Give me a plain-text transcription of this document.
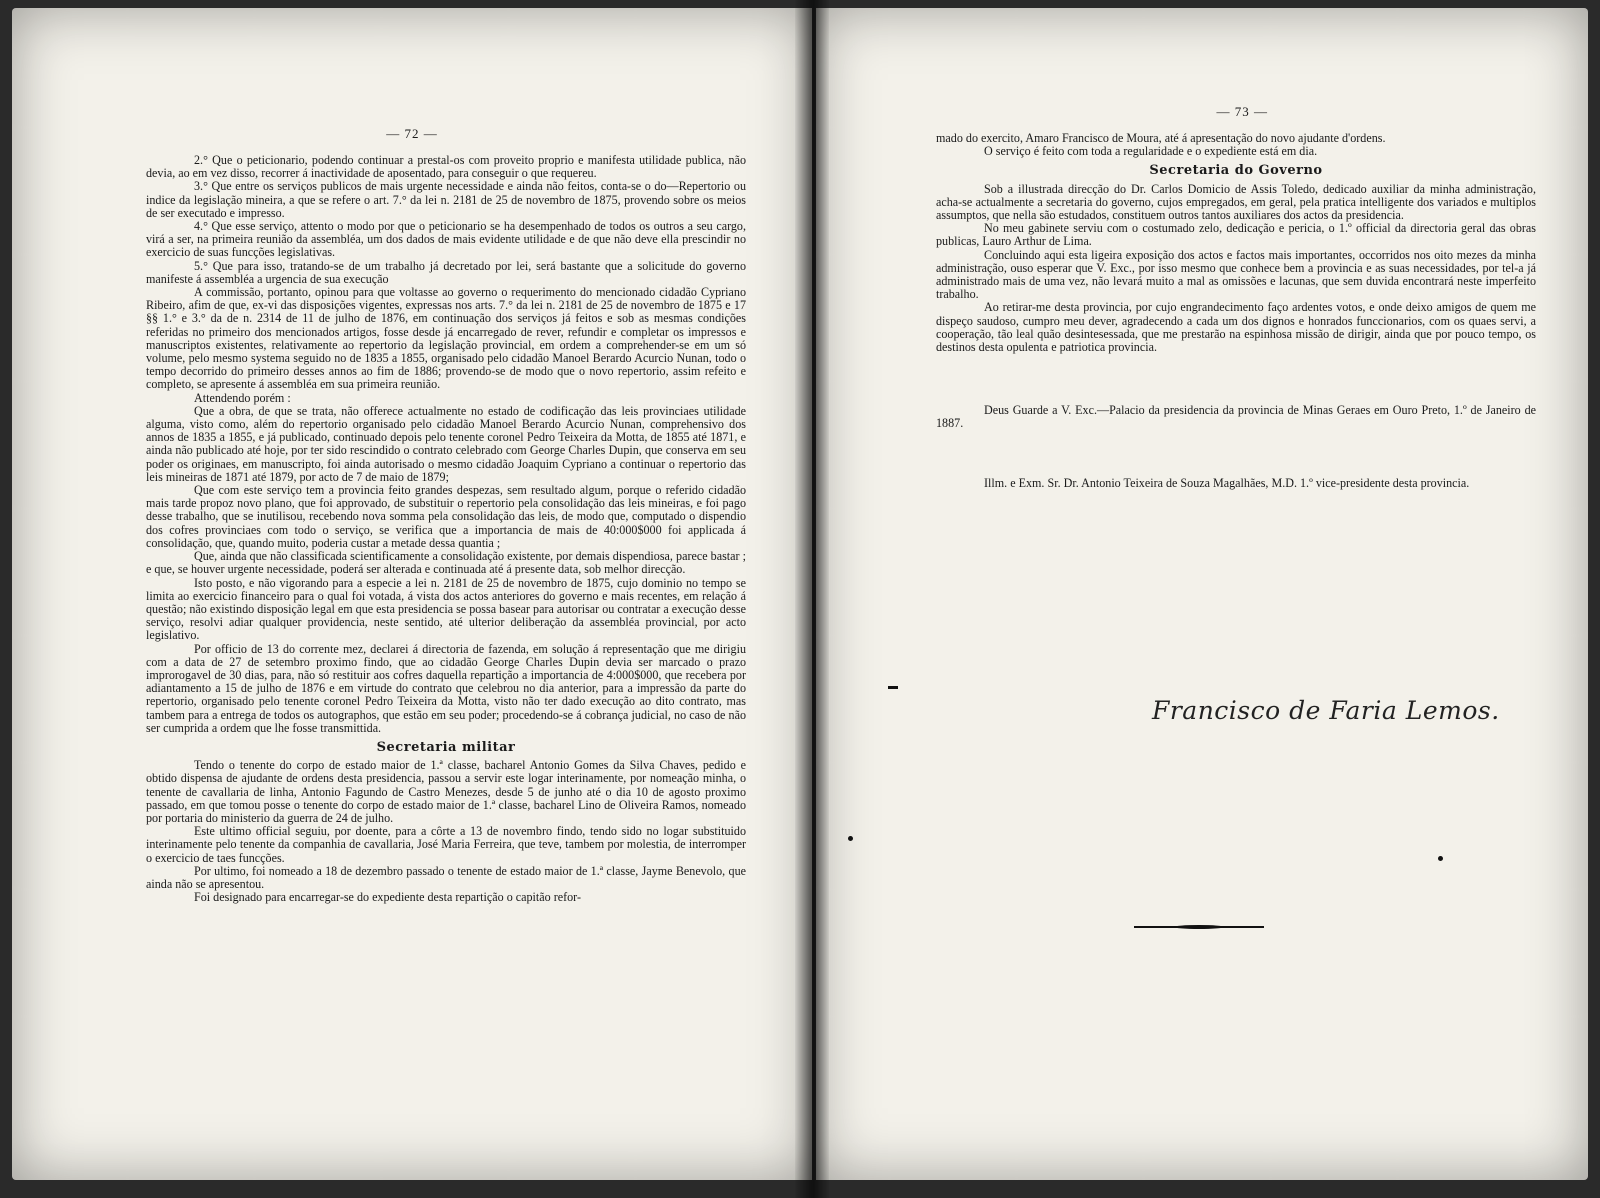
— 72 —

2.° Que o peticionario, podendo continuar a prestal-os com proveito proprio e manifesta utilidade publica, não devia, ao em vez disso, recorrer á inactividade de aposentado, para conseguir o que requereu.

3.° Que entre os serviços publicos de mais urgente necessidade e ainda não feitos, conta-se o do—Repertorio ou indice da legislação mineira, a que se refere o art. 7.° da lei n. 2181 de 25 de novembro de 1875, provendo sobre os meios de ser executado e impresso.

4.° Que esse serviço, attento o modo por que o peticionario se ha desempenhado de todos os outros a seu cargo, virá a ser, na primeira reunião da assembléa, um dos dados de mais evidente utilidade e de que não deve ella prescindir no exercicio de suas funcções legislativas.

5.° Que para isso, tratando-se de um trabalho já decretado por lei, será bastante que a solicitude do governo manifeste á assembléa a urgencia de sua execução

A commissão, portanto, opinou para que voltasse ao governo o requerimento do mencionado cidadão Cypriano Ribeiro, afim de que, ex-vi das disposições vigentes, expressas nos arts. 7.° da lei n. 2181 de 25 de novembro de 1875 e 17 §§ 1.° e 3.° da de n. 2314 de 11 de julho de 1876, em continuação dos serviços já feitos e sob as mesmas condições referidas no primeiro dos mencionados artigos, fosse desde já encarregado de rever, refundir e completar os impressos e manuscriptos existentes, relativamente ao repertorio da legislação provincial, em ordem a comprehender-se em um só volume, pelo mesmo systema seguido no de 1835 a 1855, organisado pelo cidadão Manoel Berardo Acurcio Nunan, todo o tempo decorrido do primeiro desses annos ao fim de 1886; provendo-se de modo que o novo repertorio, assim refeito e completo, se apresente á assembléa em sua primeira reunião.

Attendendo porém :

Que a obra, de que se trata, não offerece actualmente no estado de codificação das leis provinciaes utilidade alguma, visto como, além do repertorio organisado pelo cidadão Manoel Berardo Acurcio Nunan, comprehensivo dos annos de 1835 a 1855, e já publicado, continuado depois pelo tenente coronel Pedro Teixeira da Motta, de 1855 até 1871, e ainda não publicado até hoje, por ter sido rescindido o contrato celebrado com George Charles Dupin, que conserva em seu poder os originaes, em manuscripto, foi ainda autorisado o mesmo cidadão Joaquim Cypriano a continuar o repertorio das leis mineiras de 1871 até 1879, por acto de 7 de maio de 1879;

Que com este serviço tem a provincia feito grandes despezas, sem resultado algum, porque o referido cidadão mais tarde propoz novo plano, que foi approvado, de substituir o repertorio pela consolidação das leis mineiras, e foi pago desse trabalho, que se inutilisou, recebendo nova somma pela consolidação das leis, de modo que, computado o dispendio dos cofres provinciaes com todo o serviço, se verifica que a importancia de mais de 40:000$000 foi applicada á consolidação, que, quando muito, poderia custar a metade dessa quantia ;

Que, ainda que não classificada scientificamente a consolidação existente, por demais dispendiosa, parece bastar ; e que, se houver urgente necessidade, poderá ser alterada e continuada até á presente data, sob melhor direcção.

Isto posto, e não vigorando para a especie a lei n. 2181 de 25 de novembro de 1875, cujo dominio no tempo se limita ao exercicio financeiro para o qual foi votada, á vista dos actos anteriores do governo e mais recentes, em relação á questão; não existindo disposição legal em que esta presidencia se possa basear para autorisar ou contratar a execução desse serviço, resolvi adiar qualquer providencia, neste sentido, até ulterior deliberação da assembléa provincial, por acto legislativo.

Por officio de 13 do corrente mez, declarei á directoria de fazenda, em solução á representação que me dirigiu com a data de 27 de setembro proximo findo, que ao cidadão George Charles Dupin devia ser marcado o prazo improrogavel de 30 dias, para, não só restituir aos cofres daquella repartição a importancia de 4:000$000, que recebera por adiantamento a 15 de julho de 1876 e em virtude do contrato que celebrou no dia anterior, para a impressão da parte do repertorio, organisado pelo tenente coronel Pedro Teixeira da Motta, visto não ter dado execução ao dito contrato, mas tambem para a entrega de todos os autographos, que estão em seu poder; procedendo-se á cobrança judicial, no caso de não ser cumprida a ordem que lhe fosse transmittida.

Secretaria militar

Tendo o tenente do corpo de estado maior de 1.ª classe, bacharel Antonio Gomes da Silva Chaves, pedido e obtido dispensa de ajudante de ordens desta presidencia, passou a servir este logar interinamente, por nomeação minha, o tenente de cavallaria de linha, Antonio Fagundo de Castro Menezes, desde 5 de junho até o dia 10 de agosto proximo passado, em que tomou posse o tenente do corpo de estado maior de 1.ª classe, bacharel Lino de Oliveira Ramos, nomeado por portaria do ministerio da guerra de 24 de julho.

Este ultimo official seguiu, por doente, para a côrte a 13 de novembro findo, tendo sido no logar substituido interinamente pelo tenente da companhia de cavallaria, José Maria Ferreira, que teve, tambem por molestia, de interromper o exercicio de taes funcções.

Por ultimo, foi nomeado a 18 de dezembro passado o tenente de estado maior de 1.ª classe, Jayme Benevolo, que ainda não se apresentou.

Foi designado para encarregar-se do expediente desta repartição o capitão refor-

— 73 —

mado do exercito, Amaro Francisco de Moura, até á apresentação do novo ajudante d'ordens.

O serviço é feito com toda a regularidade e o expediente está em dia.

Secretaria do Governo

Sob a illustrada direcção do Dr. Carlos Domicio de Assis Toledo, dedicado auxiliar da minha administração, acha-se actualmente a secretaria do governo, cujos empregados, em geral, pela pratica intelligente dos variados e multiplos assumptos, que nella são estudados, constituem outros tantos auxiliares dos actos da presidencia.

No meu gabinete serviu com o costumado zelo, dedicação e pericia, o 1.º official da directoria geral das obras publicas, Lauro Arthur de Lima.

Concluindo aqui esta ligeira exposição dos actos e factos mais importantes, occorridos nos oito mezes da minha administração, ouso esperar que V. Exc., por isso mesmo que conhece bem a provincia e as suas necessidades, por tel-a já administrado mais de uma vez, não levará muito a mal as omissões e lacunas, que sem duvida encontrará neste imperfeito trabalho.

Ao retirar-me desta provincia, por cujo engrandecimento faço ardentes votos, e onde deixo amigos de quem me dispeço saudoso, cumpro meu dever, agradecendo a cada um dos dignos e honrados funccionarios, com os quaes servi, a cooperação, tão leal quão desintesessada, que me prestarão na espinhosa missão de dirigir, ainda que por pouco tempo, os destinos desta opulenta e patriotica provincia.

Deus Guarde a V. Exc.—Palacio da presidencia da provincia de Minas Geraes em Ouro Preto, 1.º de Janeiro de 1887.

Illm. e Exm. Sr. Dr. Antonio Teixeira de Souza Magalhães, M.D. 1.º vice-presidente desta provincia.

Francisco de Faria Lemos.
